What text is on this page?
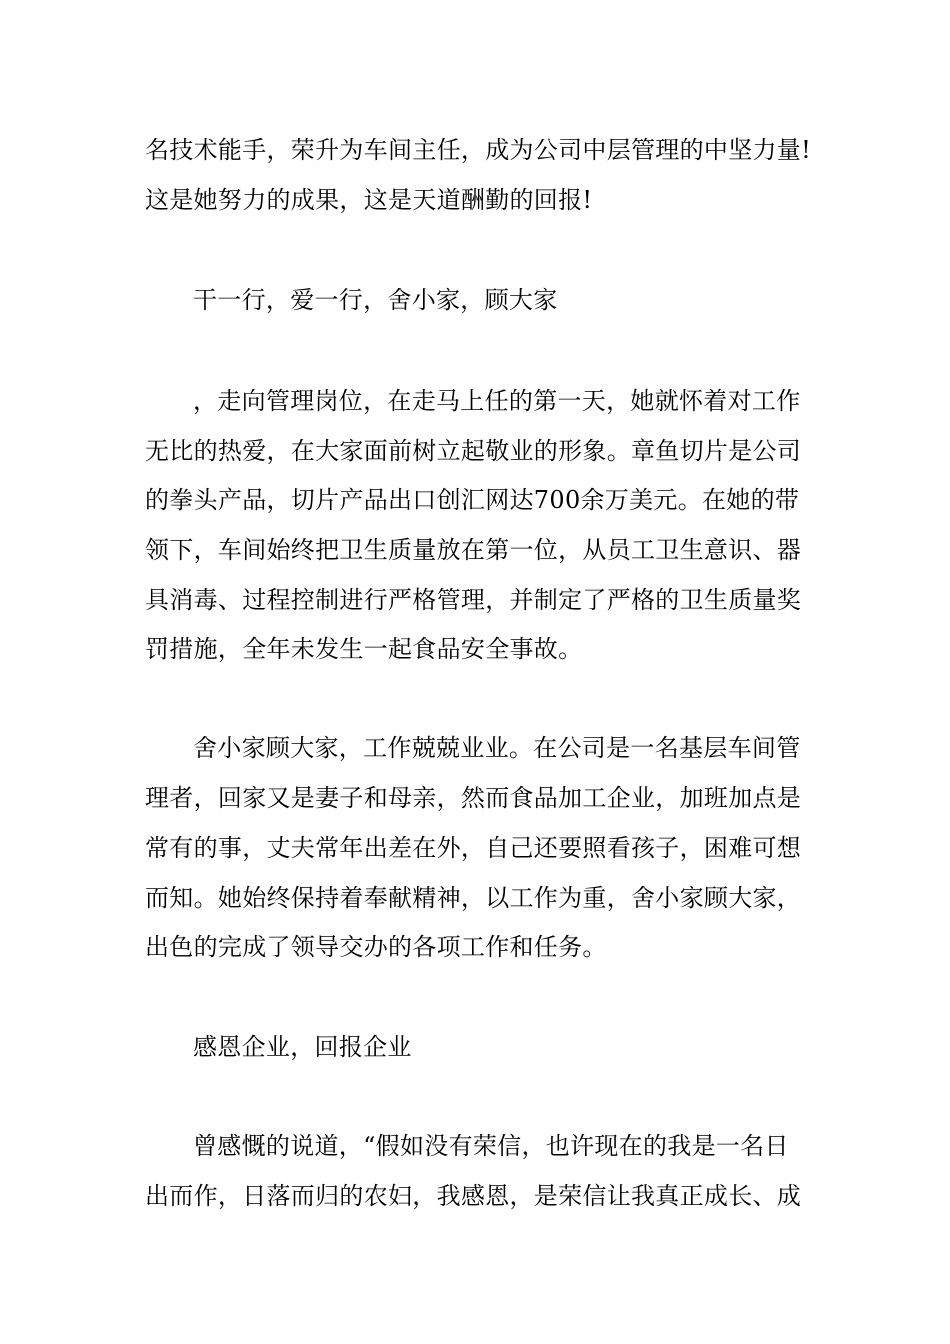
名技术能手，荣升为车间主任，成为公司中层管理的中坚力量!
这是她努力的成果，这是天道酬勤的回报!
干一行，爱一行，舍小家，顾大家
，走向管理岗位，在走马上任的第一天，她就怀着对工作
无比的热爱，在大家面前树立起敬业的形象。章鱼切片是公司
的拳头产品，切片产品出口创汇网达700余万美元。在她的带
领下，车间始终把卫生质量放在第一位，从员工卫生意识、器
具消毒、过程控制进行严格管理，并制定了严格的卫生质量奖
罚措施，全年未发生一起食品安全事故。
舍小家顾大家，工作兢兢业业。在公司是一名基层车间管
理者，回家又是妻子和母亲，然而食品加工企业，加班加点是
常有的事，丈夫常年出差在外，自己还要照看孩子，困难可想
而知。她始终保持着奉献精神，以工作为重，舍小家顾大家，
出色的完成了领导交办的各项工作和任务。
感恩企业，回报企业
曾感慨的说道，“假如没有荣信，也许现在的我是一名日
出而作，日落而归的农妇，我感恩，是荣信让我真正成长、成
